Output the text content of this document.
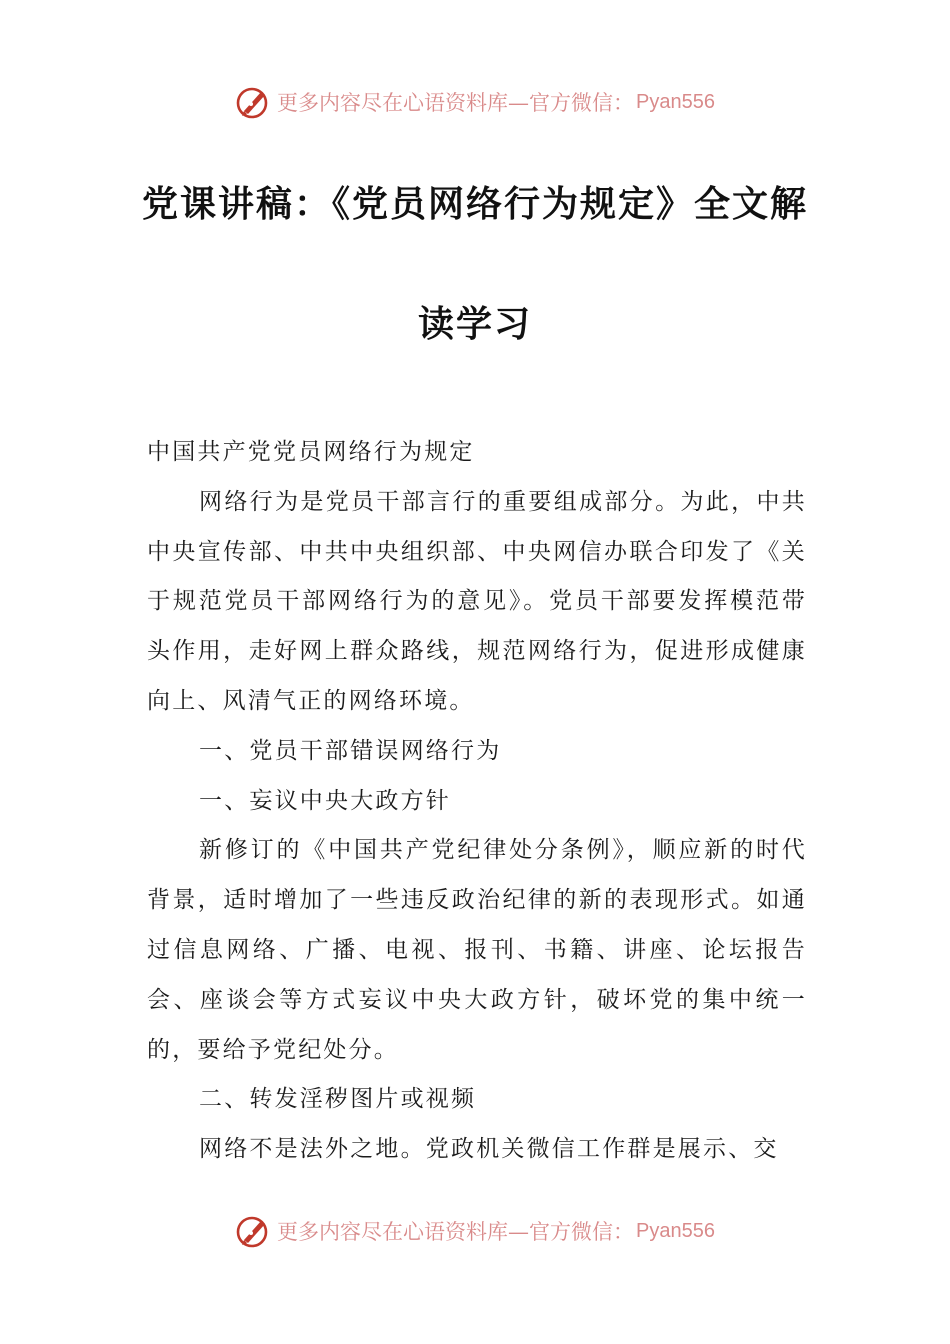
更多内容尽在心语资料库—官方微信： Pyan556
党课讲稿：《党员网络行为规定》全文解
读学习

中国共产党党员网络行为规定

网络行为是党员干部言行的重要组成部分。为此，中共中央宣传部、中共中央组织部、中央网信办联合印发了《关于规范党员干部网络行为的意见》。党员干部要发挥模范带头作用，走好网上群众路线，规范网络行为，促进形成健康向上、风清气正的网络环境。

一、党员干部错误网络行为

一、妄议中央大政方针

新修订的《中国共产党纪律处分条例》，顺应新的时代背景，适时增加了一些违反政治纪律的新的表现形式。如通过信息网络、广播、电视、报刊、书籍、讲座、论坛报告会、座谈会等方式妄议中央大政方针，破坏党的集中统一的，要给予党纪处分。

二、转发淫秽图片或视频

网络不是法外之地。党政机关微信工作群是展示、交

更多内容尽在心语资料库—官方微信： Pyan556
